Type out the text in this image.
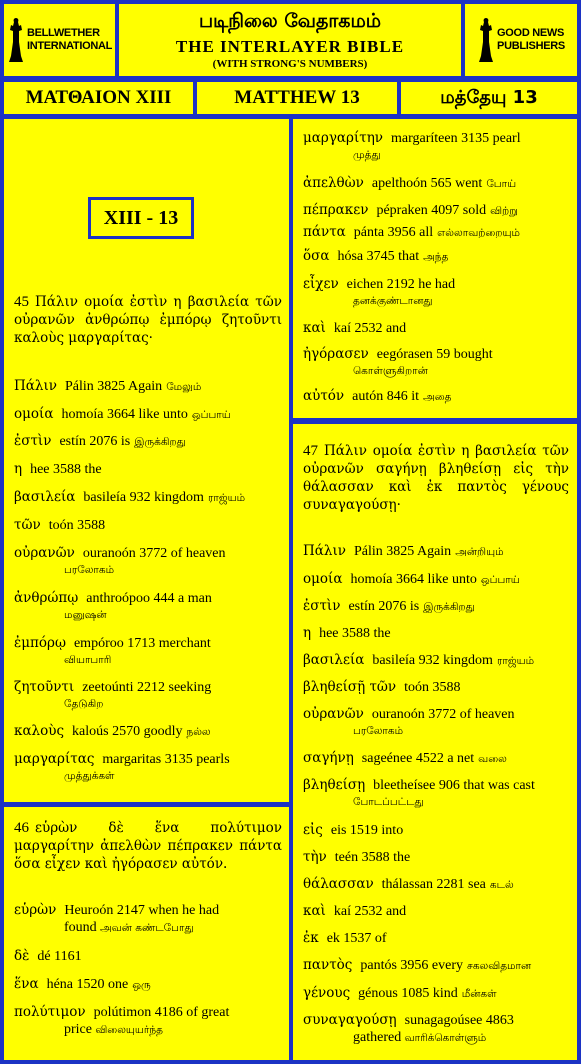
BELLWETHER
INTERNATIONAL
படிநிலை வேதாகமம்
THE INTERLAYER BIBLE
(WITH STRONG'S NUMBERS)
GOOD NEWS
PUBLISHERS
ΜΑΤΘΑΙΟΝ XIII	MATTHEW 13	மத்தேயு 13
XIII - 13
45 Πάλιν ομοία ἐστὶν η βασιλεία τῶν οὐρανῶν ἀνθρώπῳ ἐμπόρῳ ζητοῦντι καλοὺς μαργαρίτας·
Πάλιν Pálin 3825 Again மேலும்
ομοία homoía 3664 like unto ஒப்பாய்
ἐστὶν estín 2076 is இருக்கிறது
η hee 3588 the
βασιλεία basileía 932 kingdom ராஜ்யம்
τῶν toón 3588
οὐρανῶν ouranoón 3772 of heaven
பரலோகம்
ἀνθρώπῳ anthroópoo 444 a man
மனுஷன்
ἐμπόρῳ empóroo 1713 merchant
வியாபாரி
ζητοῦντι zeetoúnti 2212 seeking
தேடுகிற
καλοὺς kaloús 2570 goodly நல்ல
μαργαρίτας margaritas 3135 pearls
முத்துக்கள்
46 εὑρὼν δὲ ἕνα πολύτιμον μαργαρίτην ἀπελθὼν πέπρακεν πάντα ὅσα εἶχεν καὶ ἠγόρασεν αὐτόν.
εὑρὼν Heuroón 2147 when he had
found அவன் கண்டபோது
δὲ dé 1161
ἕνα héna 1520 one ஒரு
πολύτιμον polútimon 4186 of great
price விலையுயர்ந்த
μαργαρίτην margaríteen 3135 pearl
முத்து
ἀπελθὼν apelthoón 565 went போய்
πέπρακεν pépraken 4097 sold விற்று
πάντα pánta 3956 all எல்லாவற்றையும்
ὅσα hósa 3745 that அந்த
εἶχεν eichen 2192 he had
தனக்குண்டானது
καὶ kaí 2532 and
ἠγόρασεν eegórasen 59 bought
கொள்ளுகிறான்
αὐτόν autón 846 it அதை
47 Πάλιν ομοία ἐστὶν η βασιλεία τῶν οὐρανῶν σαγήνῃ βληθείσῃ εἰς τὴν θάλασσαν καὶ ἐκ παντὸς γένους συναγαγούσῃ·
Πάλιν Pálin 3825 Again அன்றியும்
ομοία homoía 3664 like unto ஒப்பாய்
ἐστὶν estín 2076 is இருக்கிறது
η hee 3588 the
βασιλεία basileía 932 kingdom ராஜ்யம்
βληθείσῇ τῶν toón 3588
οὐρανῶν ouranoón 3772 of heaven
பரலோகம்
σαγήνῃ sageénee 4522 a net வலை
βληθείσῃ bleetheísee 906 that was cast
போடப்பட்டது
εἰς eis 1519 into
τὴν teén 3588 the
θάλασσαν thálassan 2281 sea கடல்
καὶ kaí 2532 and
ἐκ ek 1537 of
παντὸς pantós 3956 every சகலவிதமான
γένους génous 1085 kind மீன்கள்
συναγαγούσῃ sunagagoúsee 4863
gathered வாரிக்கொள்ளும்
